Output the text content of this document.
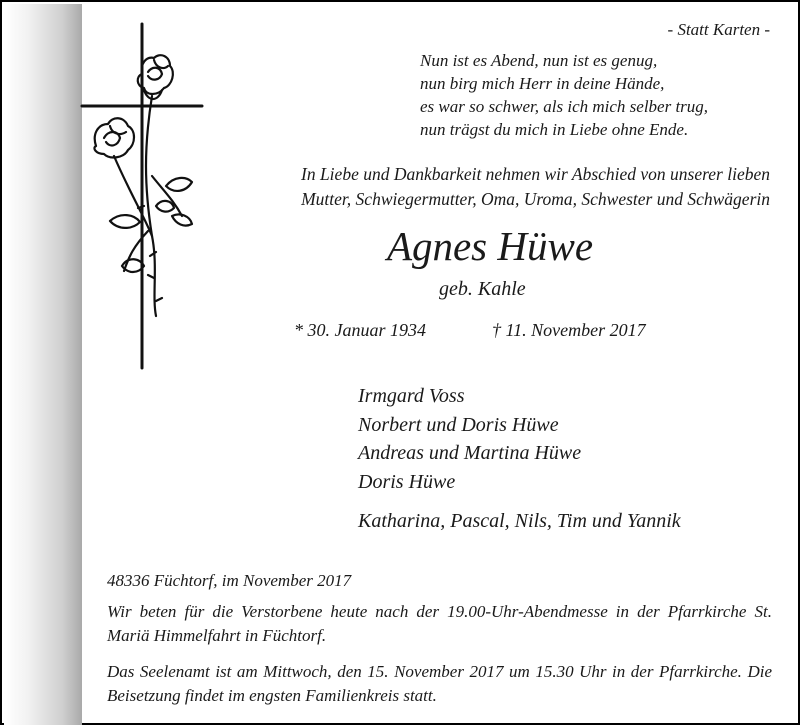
- Statt Karten -
Nun ist es Abend, nun ist es genug,
nun birg mich Herr in deine Hände,
es war so schwer, als ich mich selber trug,
nun trägst du mich in Liebe ohne Ende.
In Liebe und Dankbarkeit nehmen wir Abschied von unserer lieben
Mutter, Schwiegermutter, Oma, Uroma, Schwester und Schwägerin
Agnes Hüwe
geb. Kahle
* 30. Januar 1934	† 11. November 2017
Irmgard Voss
Norbert und Doris Hüwe
Andreas und Martina Hüwe
Doris Hüwe
Katharina, Pascal, Nils, Tim und Yannik
48336 Füchtorf, im November 2017
Wir beten für die Verstorbene heute nach der 19.00-Uhr-Abendmesse in der Pfarrkirche St. Mariä Himmelfahrt in Füchtorf.
Das Seelenamt ist am Mittwoch, den 15. November 2017 um 15.30 Uhr in der Pfarrkirche. Die Beisetzung findet im engsten Familienkreis statt.
